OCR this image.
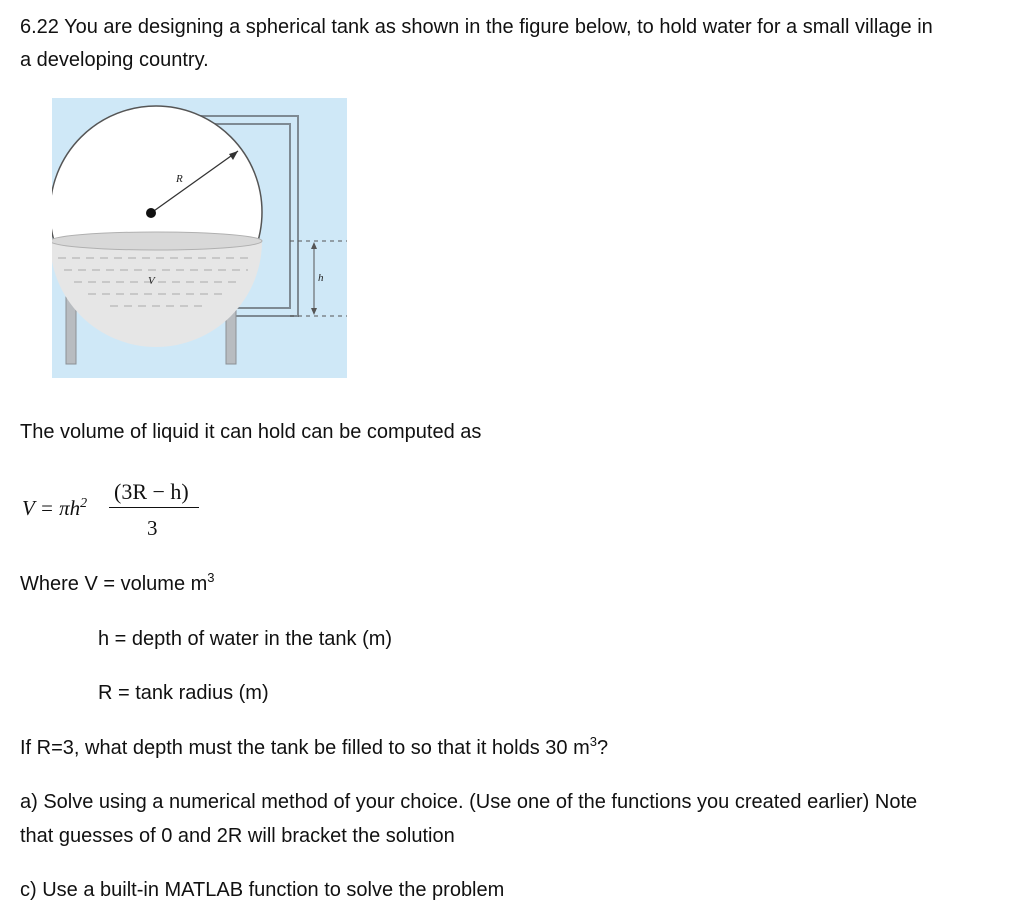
6.22 You are designing a spherical tank as shown in the figure below, to hold water for a small village in
a developing country.
R
V	h
The volume of liquid it can hold can be computed as
$V = \pi h^2$ (3R − h)
3
Where V = volume $m^3$
h = depth of water in the tank (m)
R = tank radius (m)
If R=3, what depth must the tank be filled to so that it holds 30 $m^3$?
a) Solve using a numerical method of your choice. (Use one of the functions you created earlier) Note
that guesses of 0 and 2R will bracket the solution
c) Use a built-in MATLAB function to solve the problem
